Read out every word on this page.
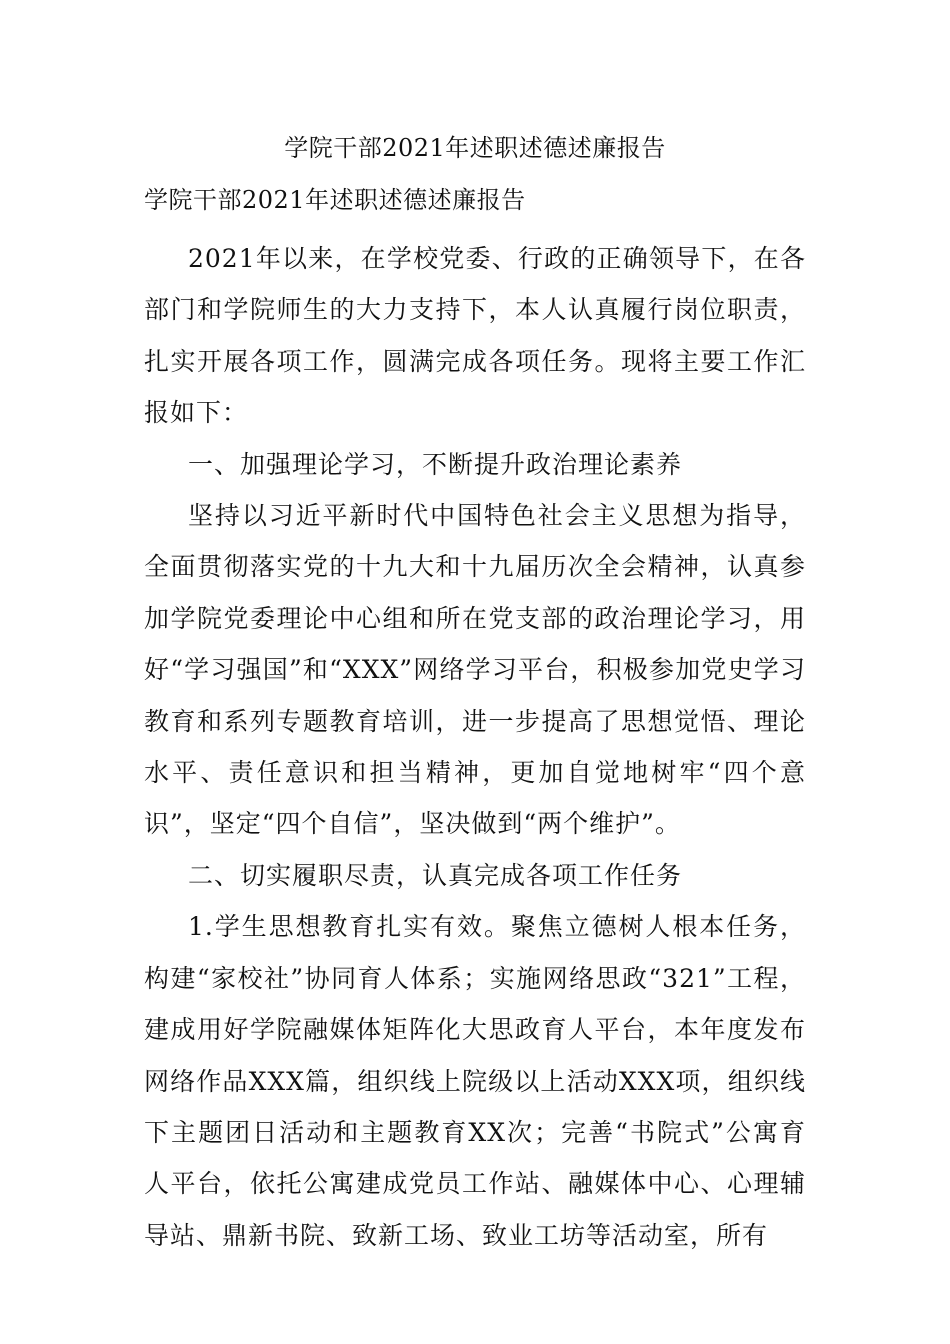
学院干部2021年述职述德述廉报告
学院干部2021年述职述德述廉报告

2021年以来，在学校党委、行政的正确领导下，在各部门和学院师生的大力支持下，本人认真履行岗位职责，扎实开展各项工作，圆满完成各项任务。现将主要工作汇报如下：

一、加强理论学习，不断提升政治理论素养

坚持以习近平新时代中国特色社会主义思想为指导，全面贯彻落实党的十九大和十九届历次全会精神，认真参加学院党委理论中心组和所在党支部的政治理论学习，用好“学习强国”和“XXX”网络学习平台，积极参加党史学习教育和系列专题教育培训，进一步提高了思想觉悟、理论水平、责任意识和担当精神，更加自觉地树牢“四个意识”，坚定“四个自信”，坚决做到“两个维护”。

二、切实履职尽责，认真完成各项工作任务

1.学生思想教育扎实有效。聚焦立德树人根本任务，构建“家校社”协同育人体系；实施网络思政“321”工程，建成用好学院融媒体矩阵化大思政育人平台，本年度发布网络作品XXX篇，组织线上院级以上活动XXX项，组织线下主题团日活动和主题教育XX次；完善“书院式”公寓育人平台，依托公寓建成党员工作站、融媒体中心、心理辅导站、鼎新书院、致新工场、致业工坊等活动室，所有
